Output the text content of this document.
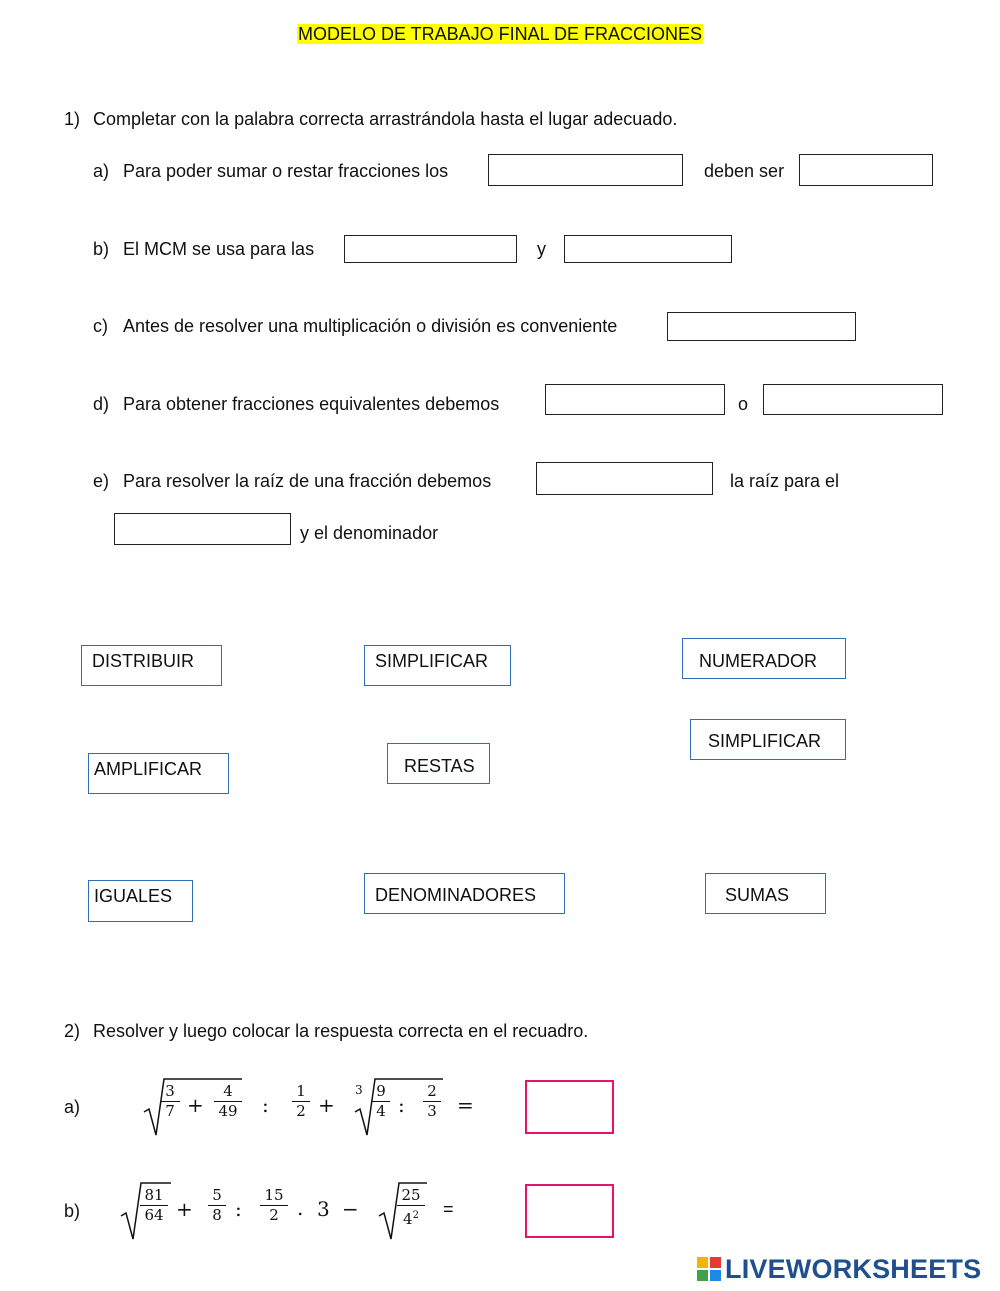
MODELO DE TRABAJO FINAL DE FRACCIONES
1) Completar con la palabra correcta arrastrándola hasta el lugar adecuado.
a) Para poder sumar o restar fracciones los	deben ser
b) El MCM se usa para las	y
c) Antes de resolver una multiplicación o división es conveniente
d) Para obtener fracciones equivalentes debemos	o
e) Para resolver la raíz de una fracción debemos	la raíz para el
y el denominador
DISTRIBUIR	SIMPLIFICAR	NUMERADOR
SIMPLIFICAR
AMPLIFICAR	RESTAS
IGUALES	DENOMINADORES	SUMAS
2) Resolver y luego colocar la respuesta correcta en el recuadro.
a)	$\frac{3}{7} + \frac{4}{49}$ : $\frac{1}{2}$ +
$3 \frac{9}{4}$ : $\frac{2}{3}$ =
b)	$\frac{81}{64} + \frac{5}{8}$ : $\frac{15}{2}$ . 3 −	$\frac{25}{4^2}$ =
LIVEWORKSHEETS
